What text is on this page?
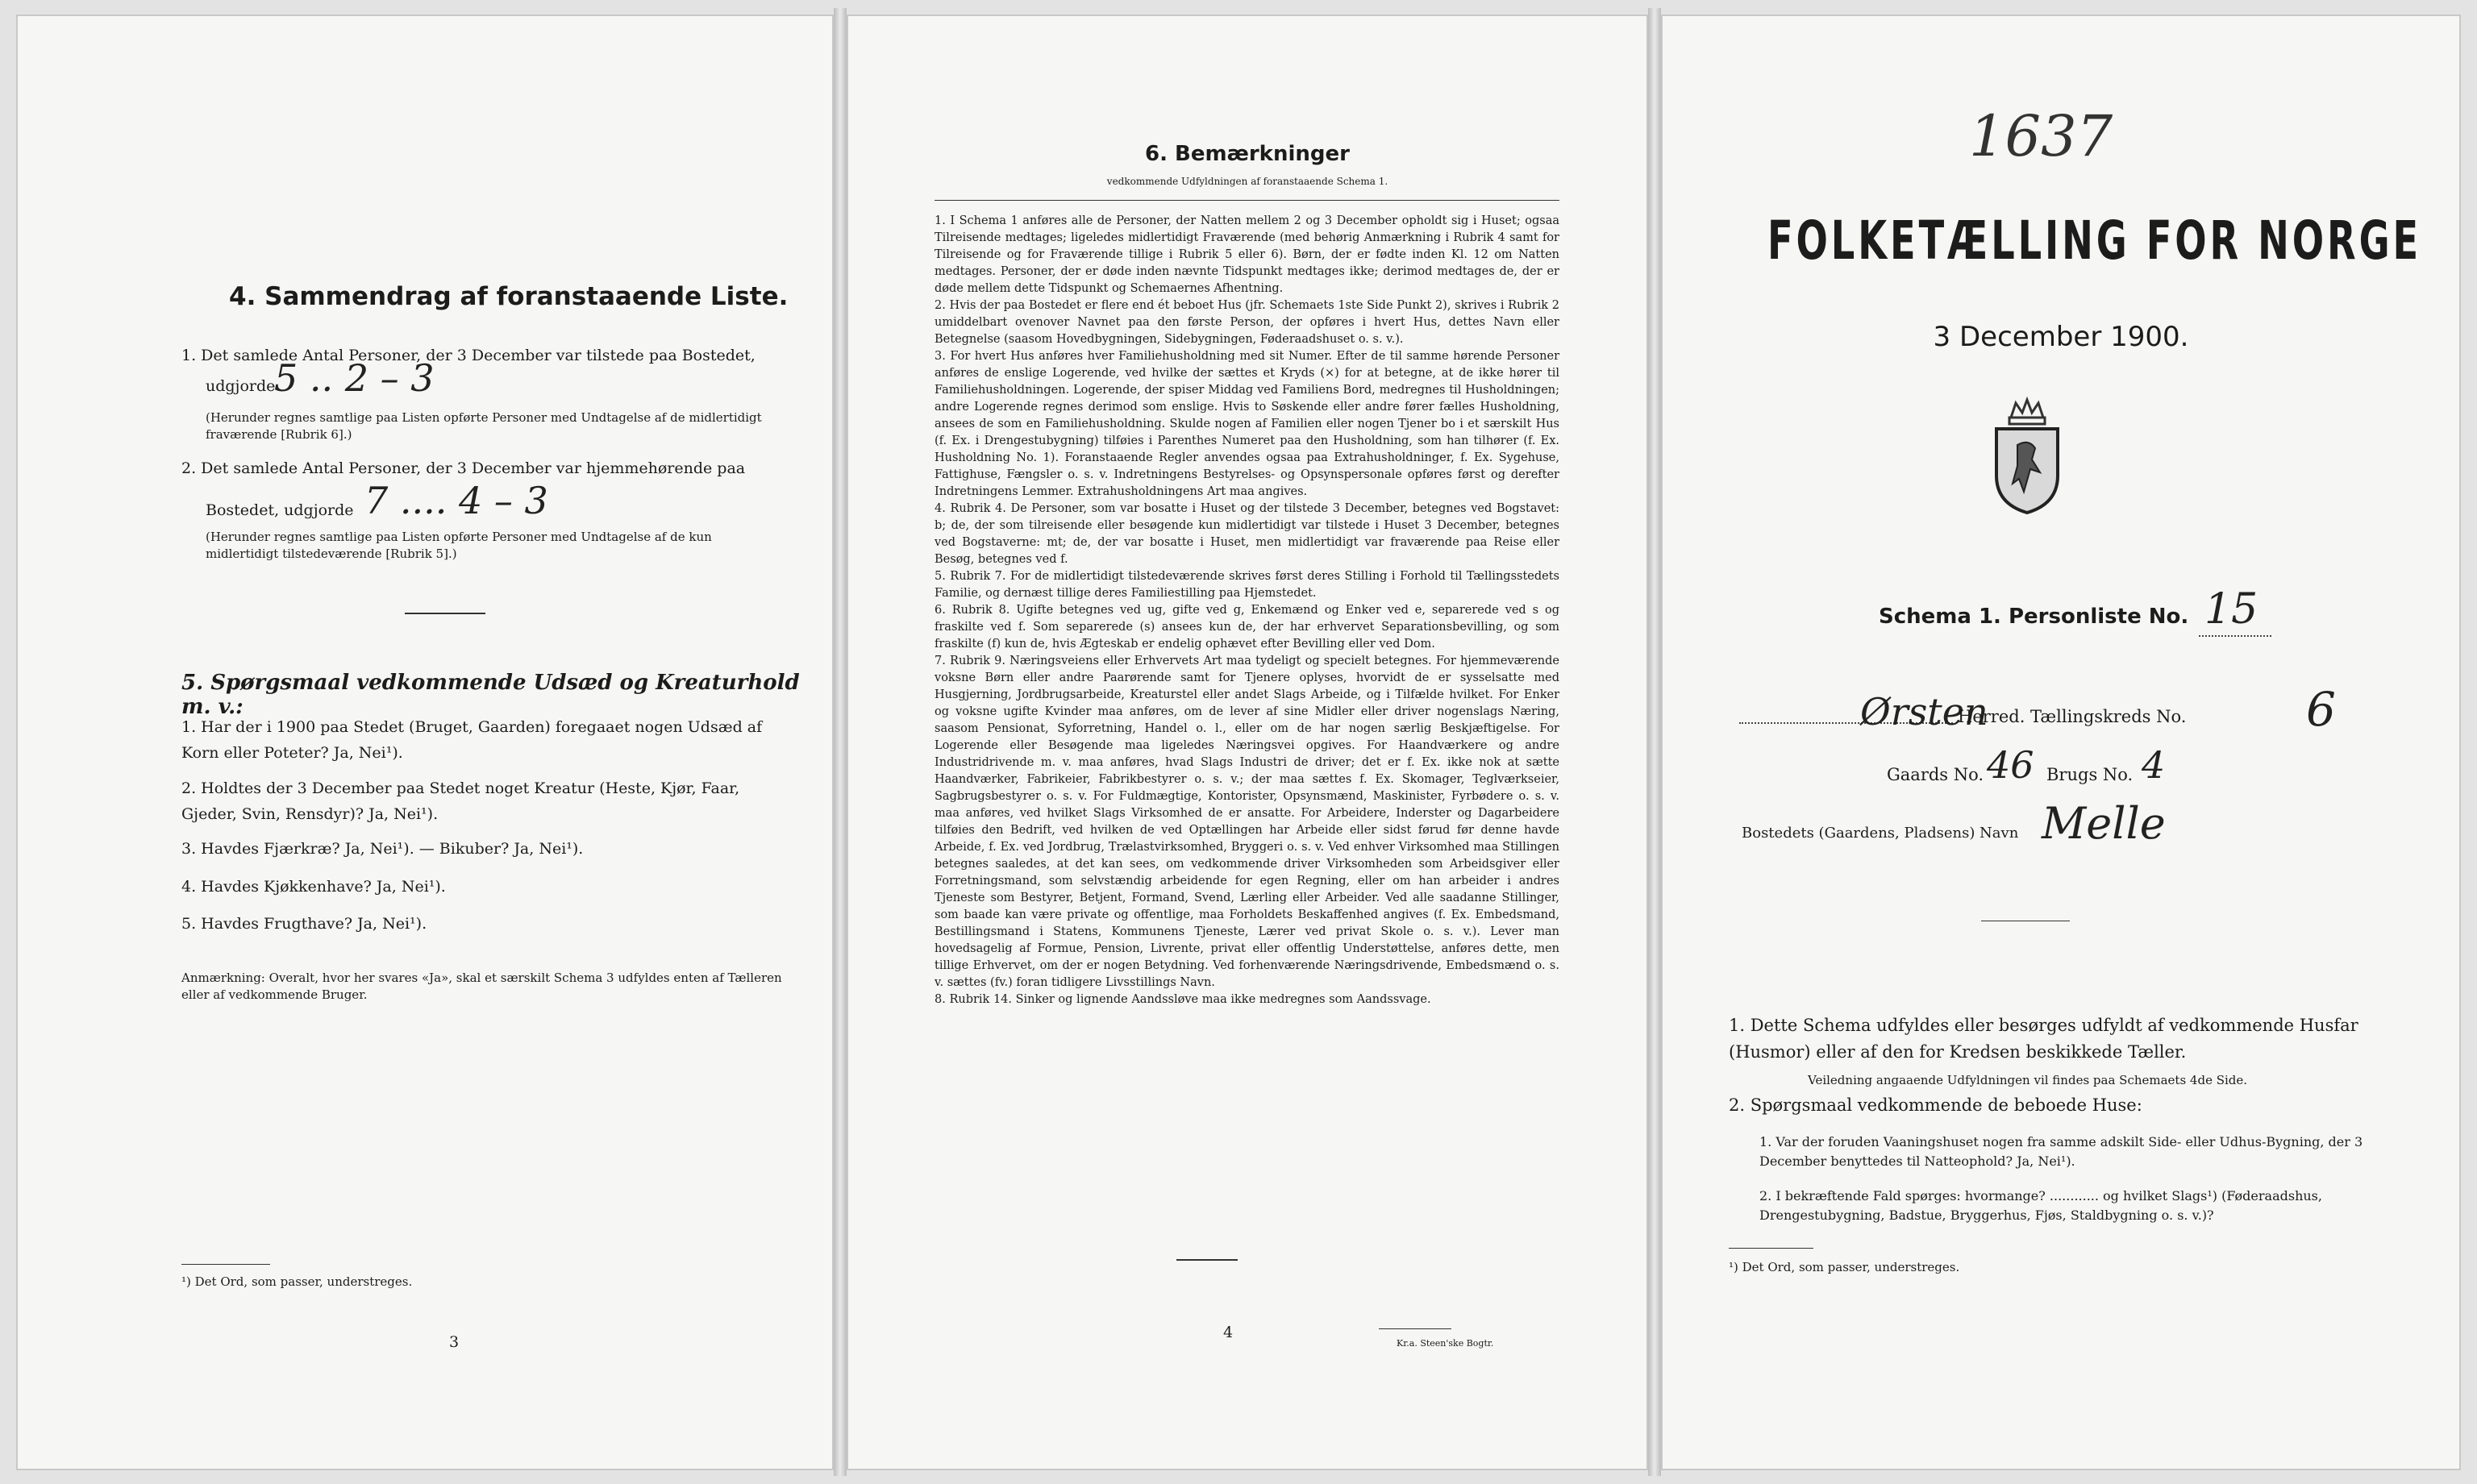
4. Sammendrag af foranstaaende Liste.
1. Det samlede Antal Personer, der 3 December var tilstede paa Bostedet,
udgjorde
5 .. 2 – 3
(Herunder regnes samtlige paa Listen opførte Personer med Undtagelse af de midlertidigt fraværende [Rubrik 6].)
2. Det samlede Antal Personer, der 3 December var hjemmehørende paa
Bostedet, udgjorde 7 .... 4 – 3
(Herunder regnes samtlige paa Listen opførte Personer med Undtagelse af de kun midlertidigt tilstedeværende [Rubrik 5].)
5. Spørgsmaal vedkommende Udsæd og Kreaturhold m. v.:
1. Har der i 1900 paa Stedet (Bruget, Gaarden) foregaaet nogen Udsæd af Korn eller Poteter? Ja, Nei¹).
2. Holdtes der 3 December paa Stedet noget Kreatur (Heste, Kjør, Faar, Gjeder, Svin, Rensdyr)? Ja, Nei¹).
3. Havdes Fjærkræ? Ja, Nei¹). — Bikuber? Ja, Nei¹).
4. Havdes Kjøkkenhave? Ja, Nei¹).
5. Havdes Frugthave? Ja, Nei¹).
Anmærkning: Overalt, hvor her svares «Ja», skal et særskilt Schema 3 udfyldes enten af Tælleren eller af vedkommende Bruger.
¹) Det Ord, som passer, understreges.
3
6. Bemærkninger
vedkommende Udfyldningen af foranstaaende Schema 1.

1. I Schema 1 anføres alle de Personer, der Natten mellem 2 og 3 December opholdt sig i Huset; ogsaa Tilreisende medtages; ligeledes midlertidigt Fraværende (med behørig Anmærkning i Rubrik 4 samt for Tilreisende og for Fraværende tillige i Rubrik 5 eller 6). Børn, der er fødte inden Kl. 12 om Natten medtages. Personer, der er døde inden nævnte Tidspunkt medtages ikke; derimod medtages de, der er døde mellem dette Tidspunkt og Schemaernes Afhentning.

2. Hvis der paa Bostedet er flere end ét beboet Hus (jfr. Schemaets 1ste Side Punkt 2), skrives i Rubrik 2 umiddelbart ovenover Navnet paa den første Person, der opføres i hvert Hus, dettes Navn eller Betegnelse (saasom Hovedbygningen, Sidebygningen, Føderaadshuset o. s. v.).

3. For hvert Hus anføres hver Familiehusholdning med sit Numer. Efter de til samme hørende Personer anføres de enslige Logerende, ved hvilke der sættes et Kryds (×) for at betegne, at de ikke hører til Familiehusholdningen. Logerende, der spiser Middag ved Familiens Bord, medregnes til Husholdningen; andre Logerende regnes derimod som enslige. Hvis to Søskende eller andre fører fælles Husholdning, ansees de som en Familiehusholdning. Skulde nogen af Familien eller nogen Tjener bo i et særskilt Hus (f. Ex. i Drengestubygning) tilføies i Parenthes Numeret paa den Husholdning, som han tilhører (f. Ex. Husholdning No. 1). Foranstaaende Regler anvendes ogsaa paa Extrahusholdninger, f. Ex. Sygehuse, Fattighuse, Fængsler o. s. v. Indretningens Bestyrelses- og Opsynspersonale opføres først og derefter Indretningens Lemmer. Extrahusholdningens Art maa angives.

4. Rubrik 4. De Personer, som var bosatte i Huset og der tilstede 3 December, betegnes ved Bogstavet: b; de, der som tilreisende eller besøgende kun midlertidigt var tilstede i Huset 3 December, betegnes ved Bogstaverne: mt; de, der var bosatte i Huset, men midlertidigt var fraværende paa Reise eller Besøg, betegnes ved f.

5. Rubrik 7. For de midlertidigt tilstedeværende skrives først deres Stilling i Forhold til Tællingsstedets Familie, og dernæst tillige deres Familiestilling paa Hjemstedet.

6. Rubrik 8. Ugifte betegnes ved ug, gifte ved g, Enkemænd og Enker ved e, separerede ved s og fraskilte ved f. Som separerede (s) ansees kun de, der har erhvervet Separationsbevilling, og som fraskilte (f) kun de, hvis Ægteskab er endelig ophævet efter Bevilling eller ved Dom.

7. Rubrik 9. Næringsveiens eller Erhvervets Art maa tydeligt og specielt betegnes. For hjemmeværende voksne Børn eller andre Paarørende samt for Tjenere oplyses, hvorvidt de er sysselsatte med Husgjerning, Jordbrugsarbeide, Kreaturstel eller andet Slags Arbeide, og i Tilfælde hvilket. For Enker og voksne ugifte Kvinder maa anføres, om de lever af sine Midler eller driver nogenslags Næring, saasom Pensionat, Syforretning, Handel o. l., eller om de har nogen særlig Beskjæftigelse. For Logerende eller Besøgende maa ligeledes Næringsvei opgives. For Haandværkere og andre Industridrivende m. v. maa anføres, hvad Slags Industri de driver; det er f. Ex. ikke nok at sætte Haandværker, Fabrikeier, Fabrikbestyrer o. s. v.; der maa sættes f. Ex. Skomager, Teglværkseier, Sagbrugsbestyrer o. s. v. For Fuldmægtige, Kontorister, Opsynsmænd, Maskinister, Fyrbødere o. s. v. maa anføres, ved hvilket Slags Virksomhed de er ansatte. For Arbeidere, Inderster og Dagarbeidere tilføies den Bedrift, ved hvilken de ved Optællingen har Arbeide eller sidst førud før denne havde Arbeide, f. Ex. ved Jordbrug, Trælastvirksomhed, Bryggeri o. s. v. Ved enhver Virksomhed maa Stillingen betegnes saaledes, at det kan sees, om vedkommende driver Virksomheden som Arbeidsgiver eller Forretningsmand, som selvstændig arbeidende for egen Regning, eller om han arbeider i andres Tjeneste som Bestyrer, Betjent, Formand, Svend, Lærling eller Arbeider. Ved alle saadanne Stillinger, som baade kan være private og offentlige, maa Forholdets Beskaffenhed angives (f. Ex. Embedsmand, Bestillingsmand i Statens, Kommunens Tjeneste, Lærer ved privat Skole o. s. v.). Lever man hovedsagelig af Formue, Pension, Livrente, privat eller offentlig Understøttelse, anføres dette, men tillige Erhvervet, om der er nogen Betydning. Ved forhenværende Næringsdrivende, Embedsmænd o. s. v. sættes (fv.) foran tidligere Livsstillings Navn.

8. Rubrik 14. Sinker og lignende Aandssløve maa ikke medregnes som Aandssvage.

4
Kr.a. Steen'ske Bogtr.
1637
FOLKETÆLLING FOR NORGE
3 December 1900.
Schema 1. Personliste No. 15
Ørsten
Herred. Tællingskreds No.	6
Gaards No. 46 Brugs No. 4
Bostedets (Gaardens, Pladsens) Navn Melle
1. Dette Schema udfyldes eller besørges udfyldt af vedkommende Husfar (Husmor) eller af den for Kredsen beskikkede Tæller.
Veiledning angaaende Udfyldningen vil findes paa Schemaets 4de Side.
2. Spørgsmaal vedkommende de beboede Huse:
1. Var der foruden Vaaningshuset nogen fra samme adskilt Side- eller Udhus-Bygning, der 3 December benyttedes til Natteophold? Ja, Nei¹).
2. I bekræftende Fald spørges: hvormange? ............ og hvilket Slags¹) (Føderaadshus, Drengestubygning, Badstue, Bryggerhus, Fjøs, Staldbygning o. s. v.)?
¹) Det Ord, som passer, understreges.
